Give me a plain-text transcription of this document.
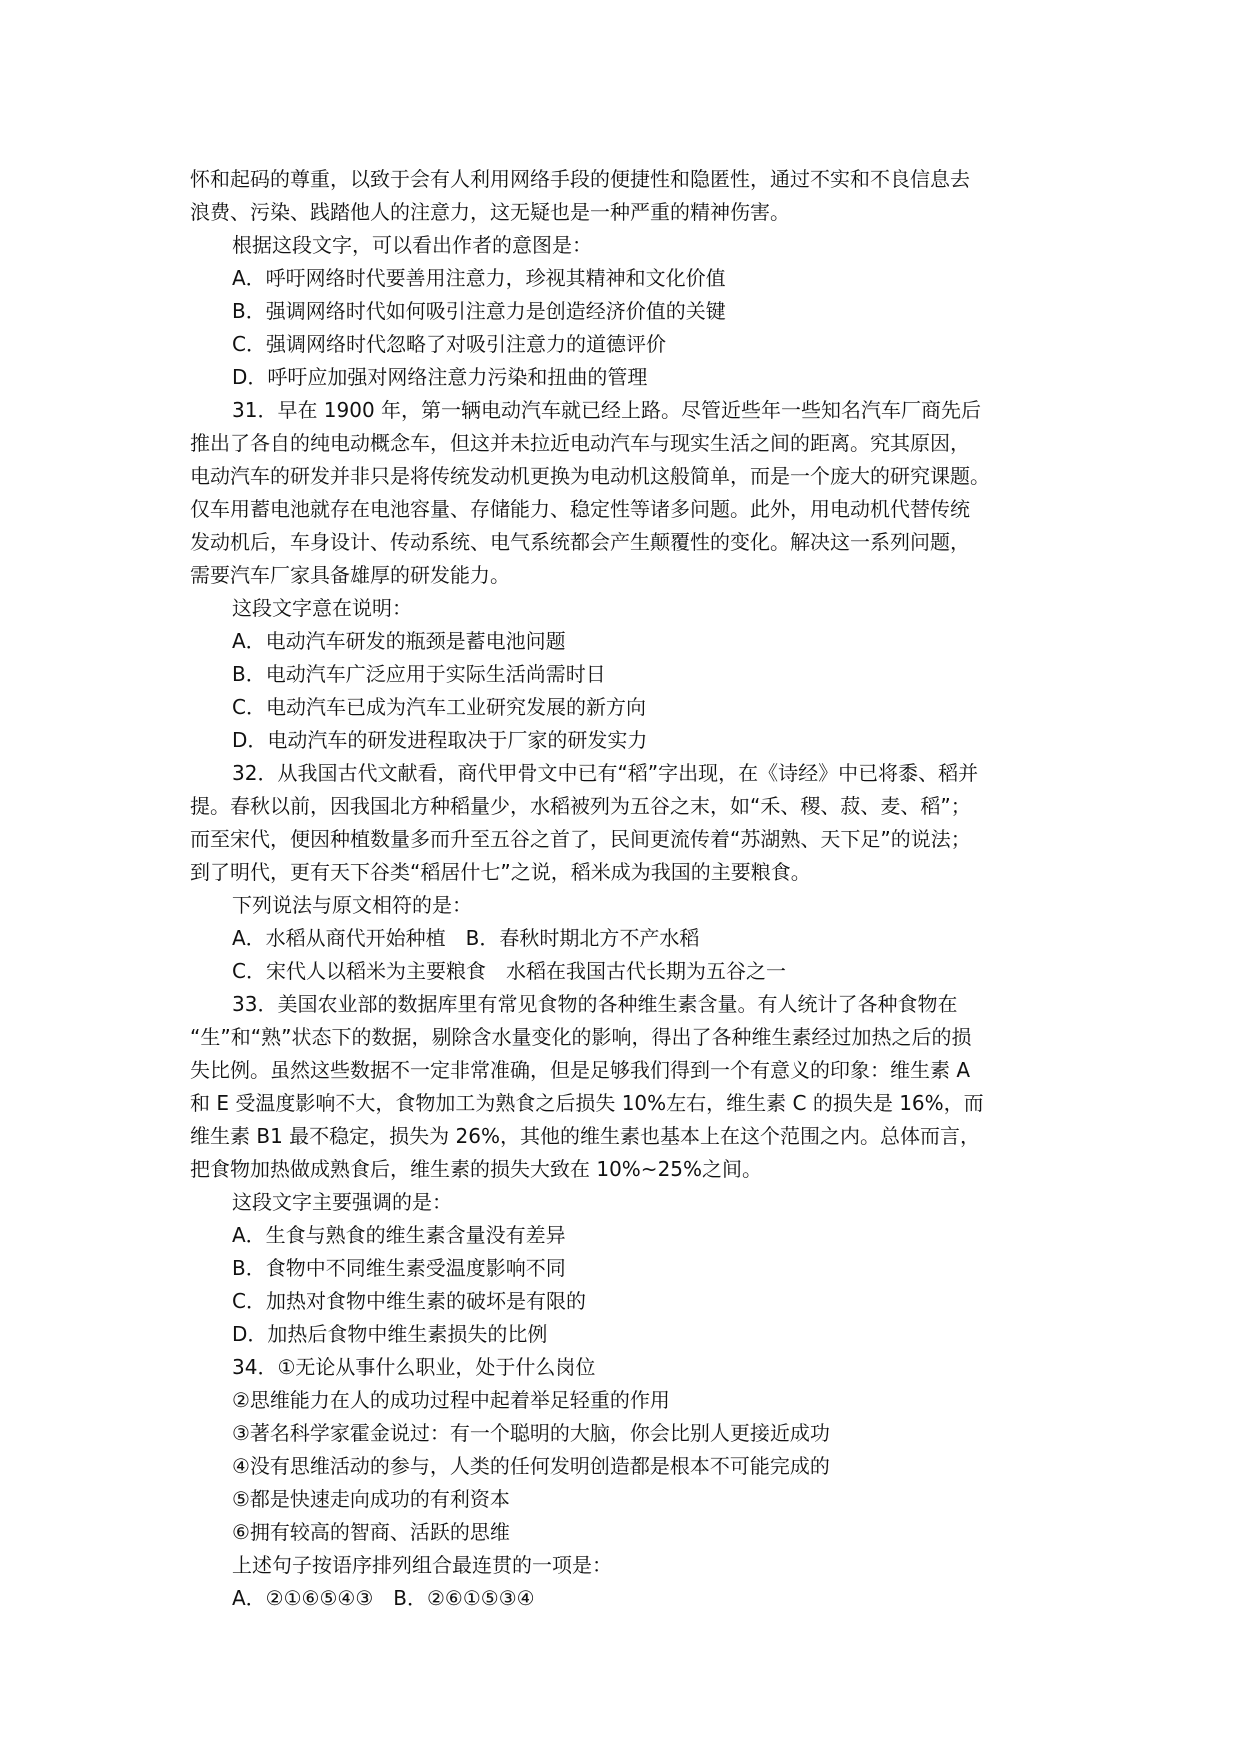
怀和起码的尊重，以致于会有人利用网络手段的便捷性和隐匿性，通过不实和不良信息去
浪费、污染、践踏他人的注意力，这无疑也是一种严重的精神伤害。
根据这段文字，可以看出作者的意图是：
A．呼吁网络时代要善用注意力，珍视其精神和文化价值
B．强调网络时代如何吸引注意力是创造经济价值的关键
C．强调网络时代忽略了对吸引注意力的道德评价
D．呼吁应加强对网络注意力污染和扭曲的管理
31．早在 1900 年，第一辆电动汽车就已经上路。尽管近些年一些知名汽车厂商先后
推出了各自的纯电动概念车，但这并未拉近电动汽车与现实生活之间的距离。究其原因，
电动汽车的研发并非只是将传统发动机更换为电动机这般简单，而是一个庞大的研究课题。
仅车用蓄电池就存在电池容量、存储能力、稳定性等诸多问题。此外，用电动机代替传统
发动机后，车身设计、传动系统、电气系统都会产生颠覆性的变化。解决这一系列问题，
需要汽车厂家具备雄厚的研发能力。
这段文字意在说明：
A．电动汽车研发的瓶颈是蓄电池问题
B．电动汽车广泛应用于实际生活尚需时日
C．电动汽车已成为汽车工业研究发展的新方向
D．电动汽车的研发进程取决于厂家的研发实力
32．从我国古代文献看，商代甲骨文中已有“稻”字出现，在《诗经》中已将黍、稻并
提。春秋以前，因我国北方种稻量少，水稻被列为五谷之末，如“禾、稷、菽、麦、稻”；
而至宋代，便因种植数量多而升至五谷之首了，民间更流传着“苏湖熟、天下足”的说法；
到了明代，更有天下谷类“稻居什七”之说，稻米成为我国的主要粮食。
下列说法与原文相符的是：
A．水稻从商代开始种植　B．春秋时期北方不产水稻
C．宋代人以稻米为主要粮食　水稻在我国古代长期为五谷之一
33．美国农业部的数据库里有常见食物的各种维生素含量。有人统计了各种食物在
“生”和“熟”状态下的数据，剔除含水量变化的影响，得出了各种维生素经过加热之后的损
失比例。虽然这些数据不一定非常准确，但是足够我们得到一个有意义的印象：维生素 A
和 E 受温度影响不大，食物加工为熟食之后损失 10%左右，维生素 C 的损失是 16%，而
维生素 B1 最不稳定，损失为 26%，其他的维生素也基本上在这个范围之内。总体而言，
把食物加热做成熟食后，维生素的损失大致在 10%~25%之间。
这段文字主要强调的是：
A．生食与熟食的维生素含量没有差异
B．食物中不同维生素受温度影响不同
C．加热对食物中维生素的破坏是有限的
D．加热后食物中维生素损失的比例
34．①无论从事什么职业，处于什么岗位
②思维能力在人的成功过程中起着举足轻重的作用
③著名科学家霍金说过：有一个聪明的大脑，你会比别人更接近成功
④没有思维活动的参与，人类的任何发明创造都是根本不可能完成的
⑤都是快速走向成功的有利资本
⑥拥有较高的智商、活跃的思维
上述句子按语序排列组合最连贯的一项是：
A．②①⑥⑤④③　B．②⑥①⑤③④
